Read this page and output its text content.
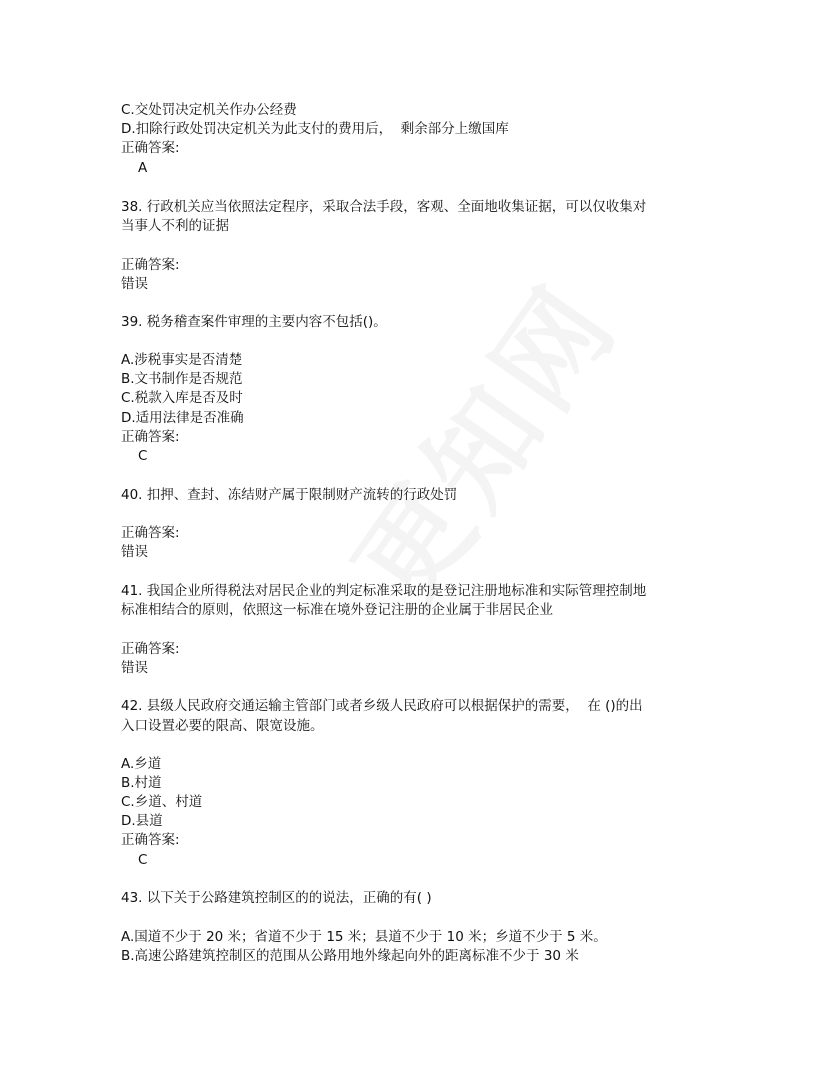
C.交处罚决定机关作办公经费
D.扣除行政处罚决定机关为此支付的费用后，  剩余部分上缴国库
正确答案:
A
38. 行政机关应当依照法定程序，采取合法手段，客观、全面地收集证据，可以仅收集对
当事人不利的证据
正确答案:
错误
39. 税务稽查案件审理的主要内容不包括()。
A.涉税事实是否清楚
B.文书制作是否规范
C.税款入库是否及时
D.适用法律是否准确
正确答案:
C
40. 扣押、查封、冻结财产属于限制财产流转的行政处罚
正确答案:
错误
41. 我国企业所得税法对居民企业的判定标准采取的是登记注册地标准和实际管理控制地
标准相结合的原则，依照这一标准在境外登记注册的企业属于非居民企业
正确答案:
错误
42. 县级人民政府交通运输主管部门或者乡级人民政府可以根据保护的需要，  在 ()的出
入口设置必要的限高、限宽设施。
A.乡道
B.村道
C.乡道、村道
D.县道
正确答案:
C
43. 以下关于公路建筑控制区的的说法，正确的有( )
A.国道不少于 20 米；省道不少于 15 米；县道不少于 10 米；乡道不少于 5 米。
B.高速公路建筑控制区的范围从公路用地外缘起向外的距离标准不少于 30 米
